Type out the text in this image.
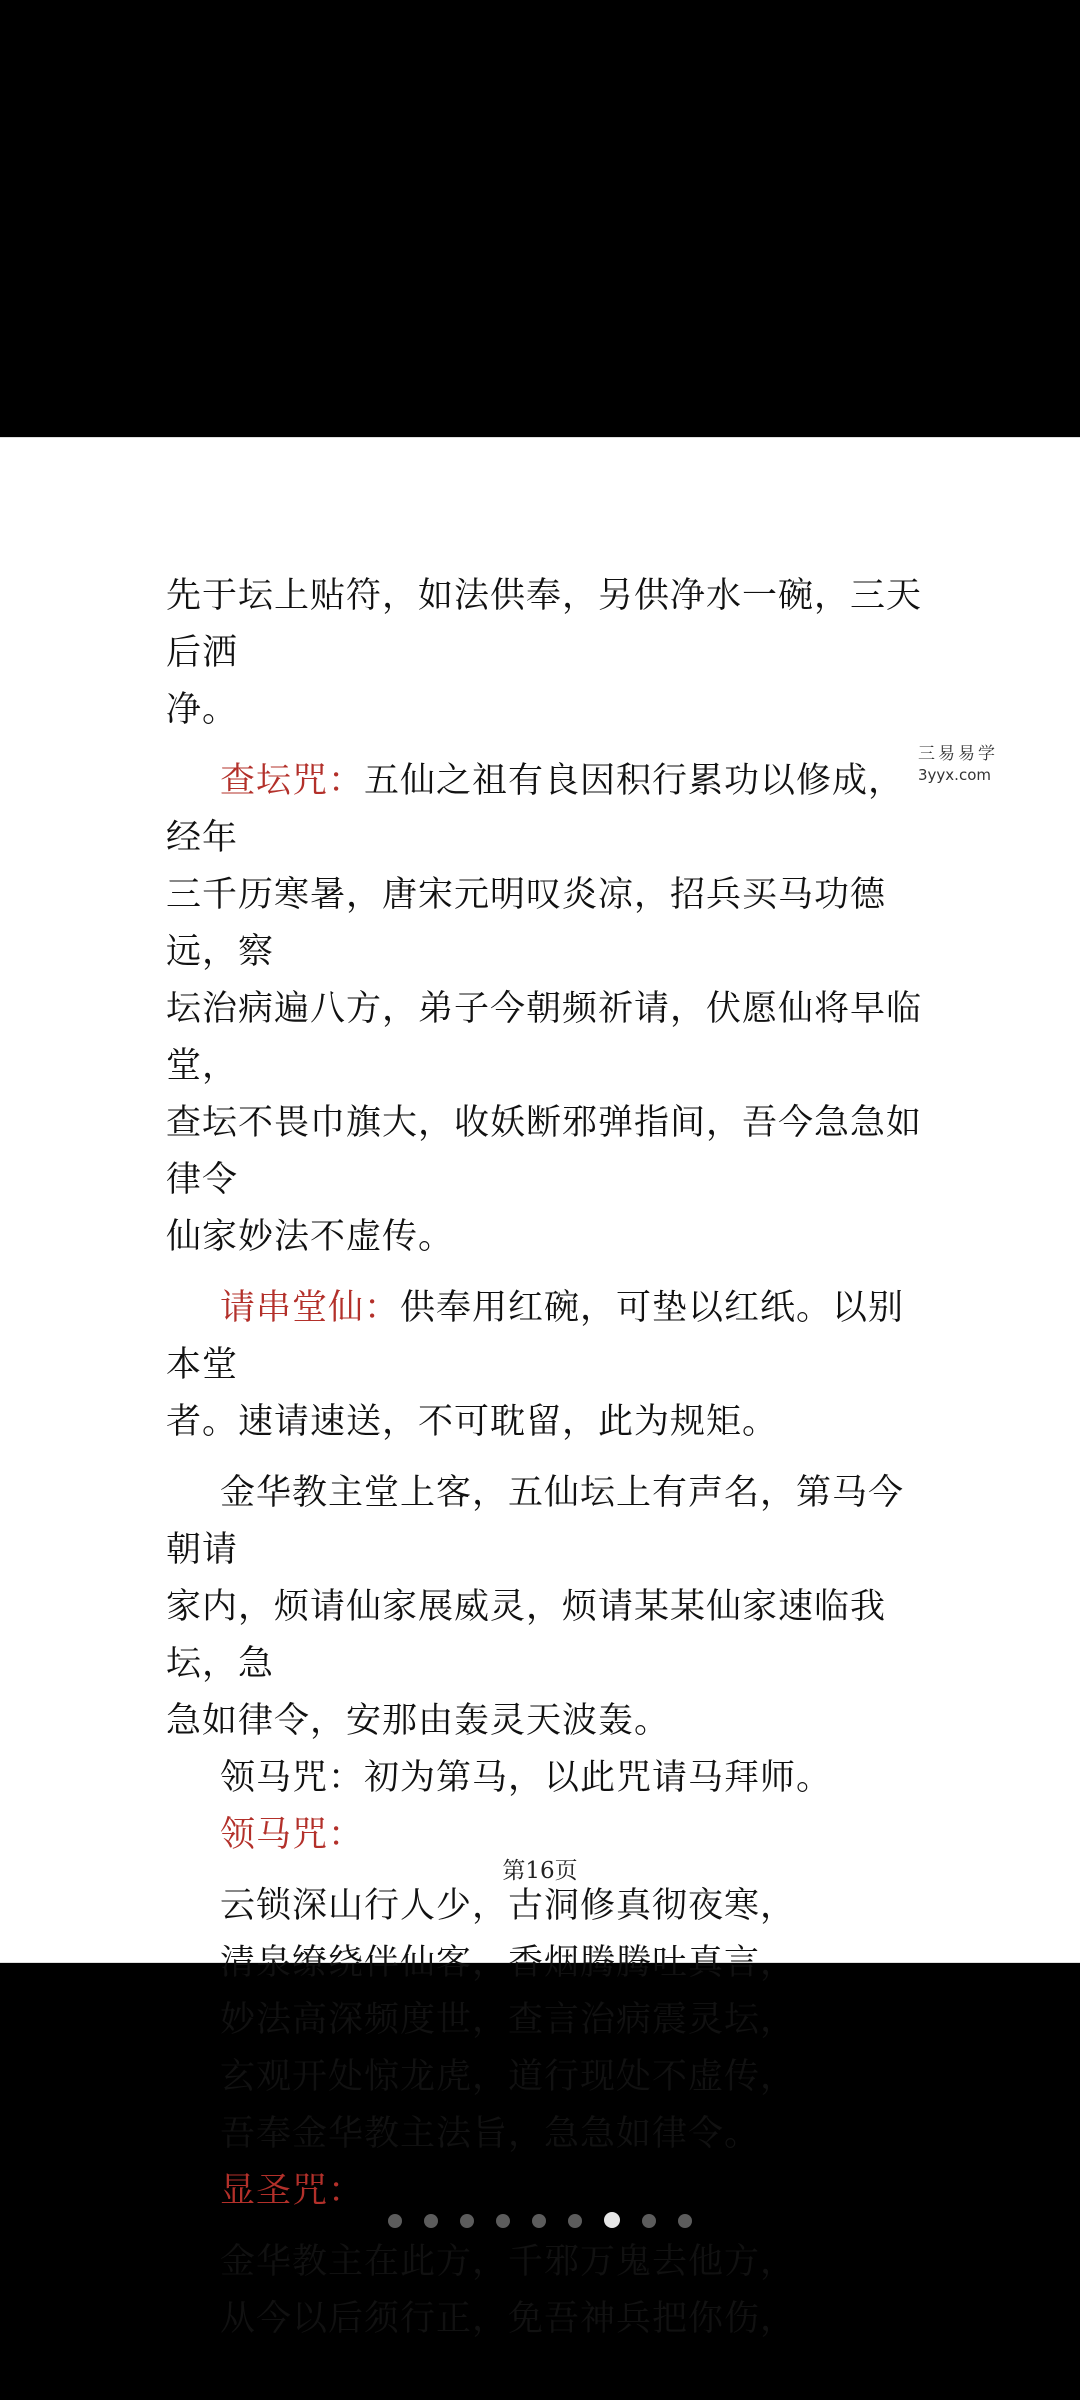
先于坛上贴符，如法供奉，另供净水一碗，三天后洒

净。

查坛咒：五仙之祖有良因积行累功以修成，经年

三千历寒暑，唐宋元明叹炎凉，招兵买马功德远，察

坛治病遍八方，弟子今朝频祈请，伏愿仙将早临堂，

查坛不畏巾旗大，收妖断邪弹指间，吾今急急如律令

仙家妙法不虚传。

请串堂仙：供奉用红碗，可垫以红纸。以别本堂

者。速请速送，不可耽留，此为规矩。

金华教主堂上客，五仙坛上有声名，第马今朝请

家内，烦请仙家展威灵，烦请某某仙家速临我坛，急

急如律令，安那由轰灵天波轰。

领马咒：初为第马，以此咒请马拜师。

领马咒：

云锁深山行人少，古洞修真彻夜寒，

清泉缭绕伴仙客，香烟腾腾吐真言，

妙法高深频度世，查言治病震灵坛，

玄观开处惊龙虎，道行现处不虚传，

吾奉金华教主法旨，急急如律令。

显圣咒：

金华教主在此方，千邪万鬼去他方，

从今以后须行正，免吾神兵把你伤，

第16页
三易易学
3yyx.com
